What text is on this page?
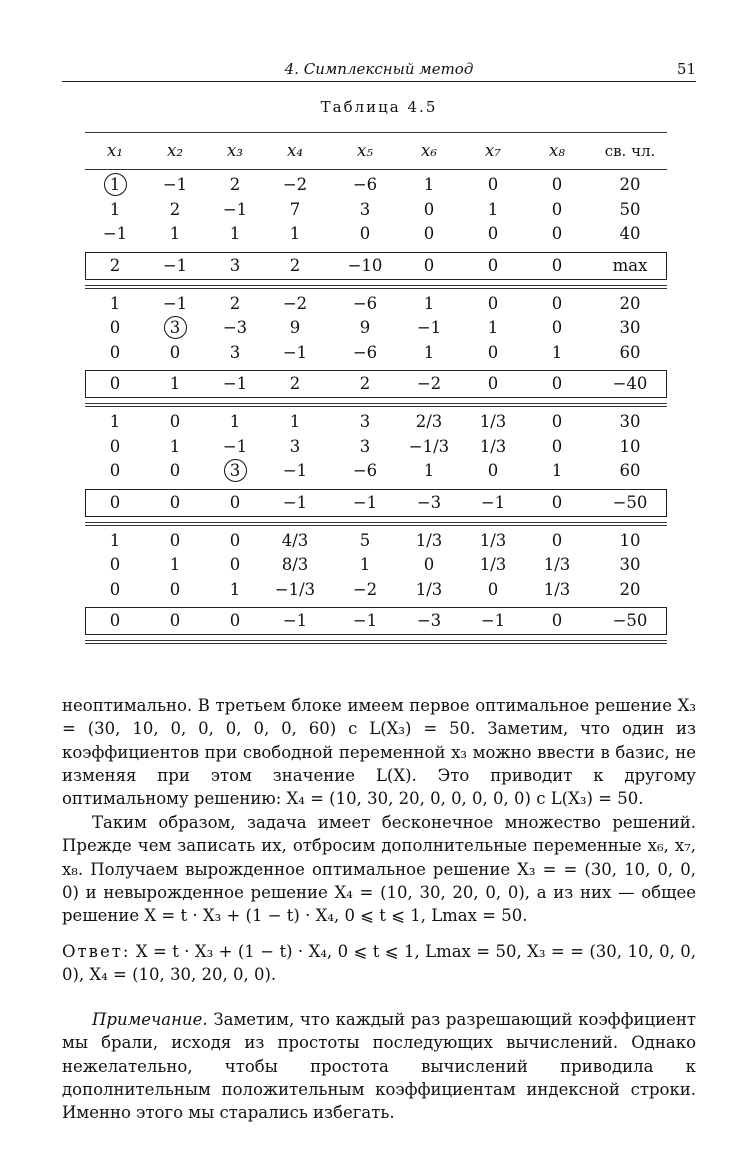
4. Симплексный метод	51
Таблица 4.5
x₁	x₂	x₃	x₄	x₅	x₆	x₇	x₈	св. чл.
1	−1	2	−2	−6	1	0	0	20
1	2	−1	7	3	0	1	0	50
−1	1	1	1	0	0	0	0	40
2	−1	3	2	−10	0	0	0	max
1	−1	2	−2	−6	1	0	0	20
0	3	−3	9	9	−1	1	0	30
0	0	3	−1	−6	1	0	1	60
0	1	−1	2	2	−2	0	0	−40
1	0	1	1	3	2/3	1/3	0	30
0	1	−1	3	3	−1/3	1/3	0	10
0	0	3	−1	−6	1	0	1	60
0	0	0	−1	−1	−3	−1	0	−50
1	0	0	4/3	5	1/3	1/3	0	10
0	1	0	8/3	1	0	1/3	1/3	30
0	0	1	−1/3	−2	1/3	0	1/3	20
0	0	0	−1	−1	−3	−1	0	−50

неоптимально. В третьем блоке имеем первое оптимальное решение X₃ = (30, 10, 0, 0, 0, 0, 0, 60) с L(X₃) = 50. Заметим, что один из коэффициентов при свободной переменной x₃ можно ввести в базис, не изменяя при этом значение L(X). Это приводит к другому оптимальному решению: X₄ = (10, 30, 20, 0, 0, 0, 0, 0) с L(X₃) = 50.

Таким образом, задача имеет бесконечное множество решений. Прежде чем записать их, отбросим дополнительные переменные x₆, x₇, x₈. Получаем вырожденное оптимальное решение X₃ = = (30, 10, 0, 0, 0) и невырожденное решение X₄ = (10, 30, 20, 0, 0), а из них — общее решение X = t · X₃ + (1 − t) · X₄, 0 ⩽ t ⩽ 1, Lmax = 50.

Ответ: X = t · X₃ + (1 − t) · X₄, 0 ⩽ t ⩽ 1, Lmax = 50, X₃ = = (30, 10, 0, 0, 0), X₄ = (10, 30, 20, 0, 0).

Примечание. Заметим, что каждый раз разрешающий коэффициент мы брали, исходя из простоты последующих вычислений. Однако нежелательно, чтобы простота вычислений приводила к дополнительным положительным коэффициентам индексной строки. Именно этого мы старались избегать.
